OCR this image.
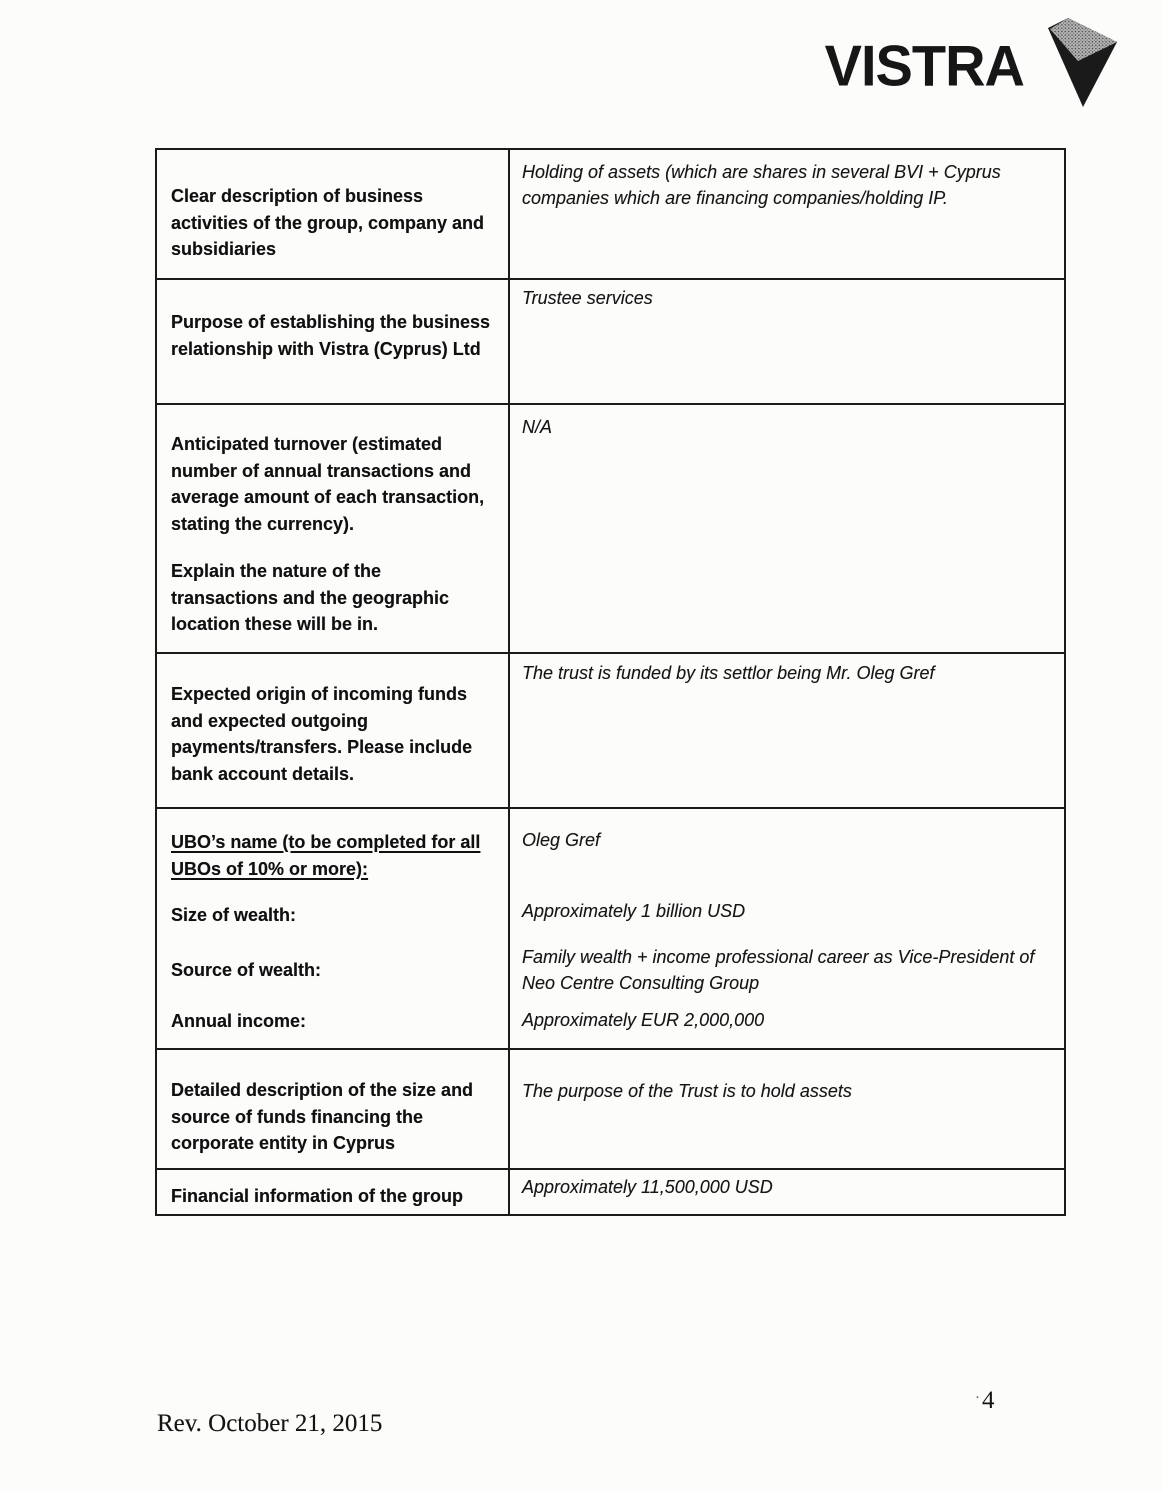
VISTRA
Clear description of business activities of the group, company and subsidiaries
Holding of assets (which are shares in several BVI + Cyprus companies which are financing companies/holding IP.
Purpose of establishing the business relationship with Vistra (Cyprus) Ltd
Trustee services

Anticipated turnover (estimated number of annual transactions and average amount of each transaction, stating the currency).

Explain the nature of the transactions and the geographic location these will be in.

N/A
Expected origin of incoming funds and expected outgoing payments/transfers. Please include bank account details.
The trust is funded by its settlor being Mr. Oleg Gref
UBO’s name (to be completed for all UBOs of 10% or more):
Size of wealth:
Source of wealth:
Annual income:
Oleg Gref
Approximately 1 billion USD
Family wealth + income professional career as Vice-President of Neo Centre Consulting Group
Approximately EUR 2,000,000
Detailed description of the size and source of funds financing the corporate entity in Cyprus
The purpose of the Trust is to hold assets
Financial information of the group	Approximately 11,500,000 USD
Rev. October 21, 2015
· 4
